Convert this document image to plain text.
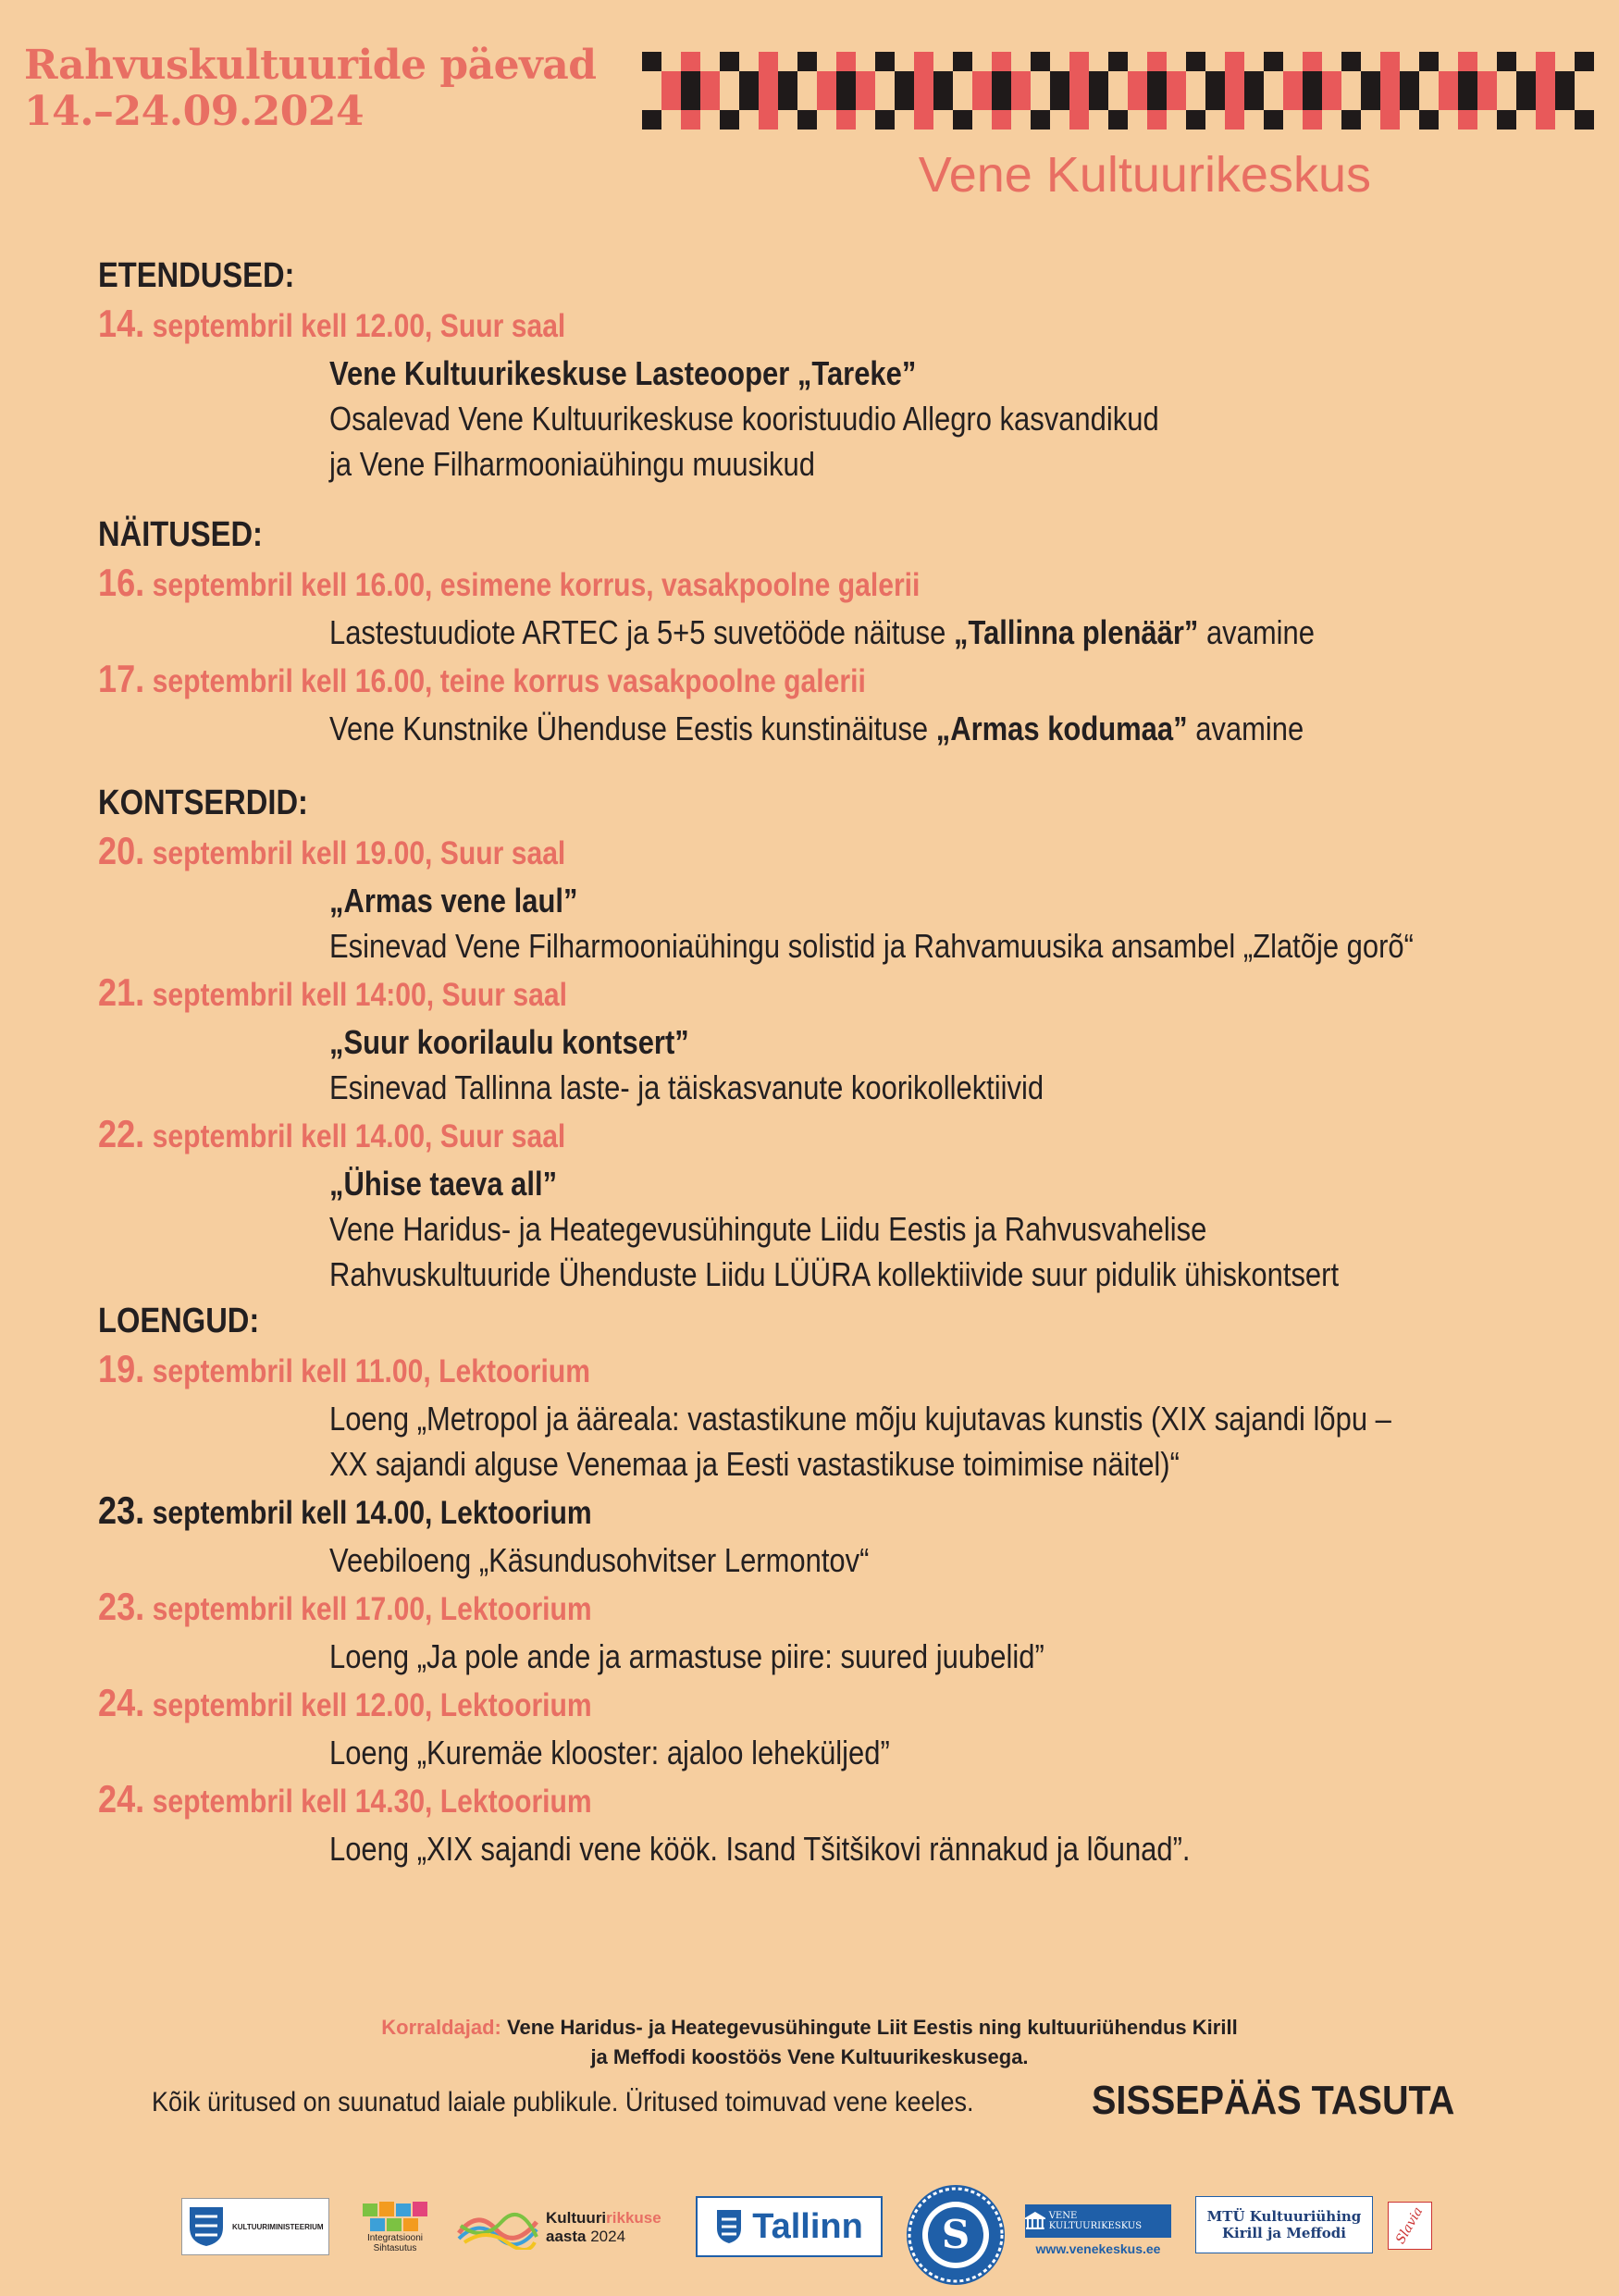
Rahvuskultuuride päevad
14.–24.09.2024
Vene Kultuurikeskus
ETENDUSED:
14. septembril kell 12.00, Suur saal
Vene Kultuurikeskuse Lasteooper „Tareke”
Osalevad Vene Kultuurikeskuse kooristuudio Allegro kasvandikud
ja Vene Filharmooniaühingu muusikud
NÄITUSED:
16. septembril kell 16.00, esimene korrus, vasakpoolne galerii
Lastestuudiote ARTEC ja 5+5 suvetööde näituse „Tallinna plenäär” avamine
17. septembril kell 16.00, teine korrus vasakpoolne galerii
Vene Kunstnike Ühenduse Eestis kunstinäituse „Armas kodumaa” avamine
KONTSERDID:
20. septembril kell 19.00, Suur saal
„Armas vene laul”
Esinevad Vene Filharmooniaühingu solistid ja Rahvamuusika ansambel „Zlatõje gorõ“
21. septembril kell 14:00, Suur saal
„Suur koorilaulu kontsert”
Esinevad Tallinna laste- ja täiskasvanute koorikollektiivid
22. septembril kell 14.00, Suur saal
„Ühise taeva all”
Vene Haridus- ja Heategevusühingute Liidu Eestis ja Rahvusvahelise
Rahvuskultuuride Ühenduste Liidu LÜÜRA kollektiivide suur pidulik ühiskontsert
LOENGUD:
19. septembril kell 11.00, Lektoorium
Loeng „Metropol ja ääreala: vastastikune mõju kujutavas kunstis (XIX sajandi lõpu –
XX sajandi alguse Venemaa ja Eesti vastastikuse toimimise näitel)“
23. septembril kell 14.00, Lektoorium
Veebiloeng „Käsundusohvitser Lermontov“
23. septembril kell 17.00, Lektoorium
Loeng „Ja pole ande ja armastuse piire: suured juubelid”
24. septembril kell 12.00, Lektoorium
Loeng „Kuremäe klooster: ajaloo leheküljed”
24. septembril kell 14.30, Lektoorium
Loeng „XIX sajandi vene köök. Isand Tšitšikovi rännakud ja lõunad”.
Korraldajad: Vene Haridus- ja Heategevusühingute Liit Eestis ning kultuuriühendus Kirill
ja Meffodi koostöös Vene Kultuurikeskusega.
Kõik üritused on suunatud laiale publikule. Üritused toimuvad vene keeles.	SISSEPÄÄS TASUTA
KULTUURIMINISTEERIUM
Integratsiooni
Sihtasutus
Kultuuririkkuse
aasta 2024	Tallinn S	VENE KULTUURIKESKUS
www.venekeskus.ee
MTÜ Kultuuriühing
Kirill ja Meffodi	Slavia
